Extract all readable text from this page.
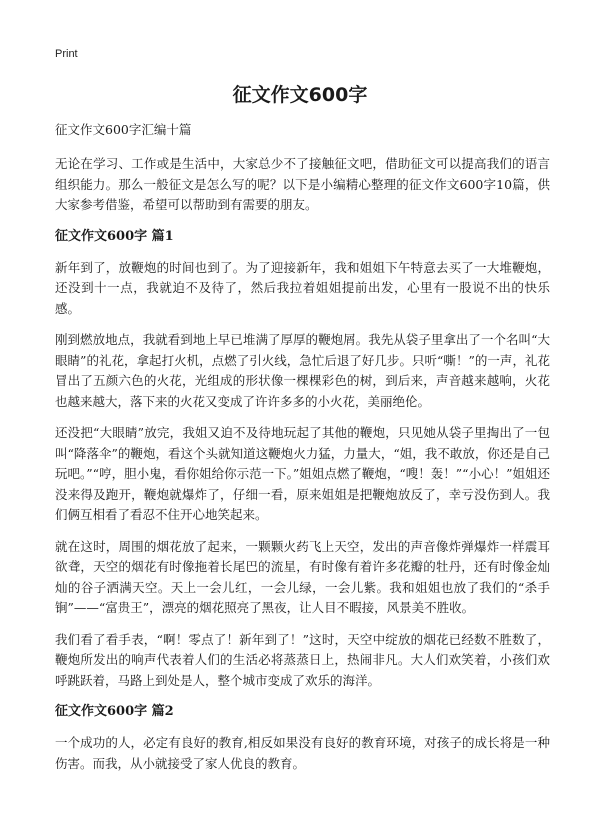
Print
征文作文600字

征文作文600字汇编十篇

无论在学习、工作或是生活中，大家总少不了接触征文吧，借助征文可以提高我们的语言组织能力。那么一般征文是怎么写的呢？以下是小编精心整理的征文作文600字10篇，供大家参考借鉴，希望可以帮助到有需要的朋友。

征文作文600字 篇1

新年到了，放鞭炮的时间也到了。为了迎接新年，我和姐姐下午特意去买了一大堆鞭炮，还没到十一点，我就迫不及待了，然后我拉着姐姐提前出发，心里有一股说不出的快乐感。

刚到燃放地点，我就看到地上早已堆满了厚厚的鞭炮屑。我先从袋子里拿出了一个名叫“大眼睛”的礼花，拿起打火机，点燃了引火线，急忙后退了好几步。只听“嘶！”的一声，礼花冒出了五颜六色的火花，光组成的形状像一棵棵彩色的树，到后来，声音越来越响，火花也越来越大，落下来的火花又变成了许许多多的小火花，美丽绝伦。

还没把“大眼睛”放完，我姐又迫不及待地玩起了其他的鞭炮，只见她从袋子里掏出了一包叫“降落伞”的鞭炮，看这个头就知道这鞭炮火力猛，力量大，“姐，我不敢放，你还是自己玩吧。”“哼，胆小鬼，看你姐给你示范一下。”姐姐点燃了鞭炮，“嗖！轰！”“小心！”姐姐还没来得及跑开，鞭炮就爆炸了，仔细一看，原来姐姐是把鞭炮放反了，幸亏没伤到人。我们俩互相看了看忍不住开心地笑起来。

就在这时，周围的烟花放了起来，一颗颗火药飞上天空，发出的声音像炸弹爆炸一样震耳欲聋，天空的烟花有时像拖着长尾巴的流星，有时像有着许多花瓣的牡丹，还有时像金灿灿的谷子洒满天空。天上一会儿红，一会儿绿，一会儿紫。我和姐姐也放了我们的“杀手锏”——“富贵王”，漂亮的烟花照亮了黑夜，让人目不暇接，风景美不胜收。

我们看了看手表，“啊！零点了！新年到了！”这时，天空中绽放的烟花已经数不胜数了，鞭炮所发出的响声代表着人们的生活必将蒸蒸日上，热闹非凡。大人们欢笑着，小孩们欢呼跳跃着，马路上到处是人，整个城市变成了欢乐的海洋。

征文作文600字 篇2

一个成功的人，必定有良好的教育,相反如果没有良好的教育环境，对孩子的成长将是一种伤害。而我，从小就接受了家人优良的教育。
